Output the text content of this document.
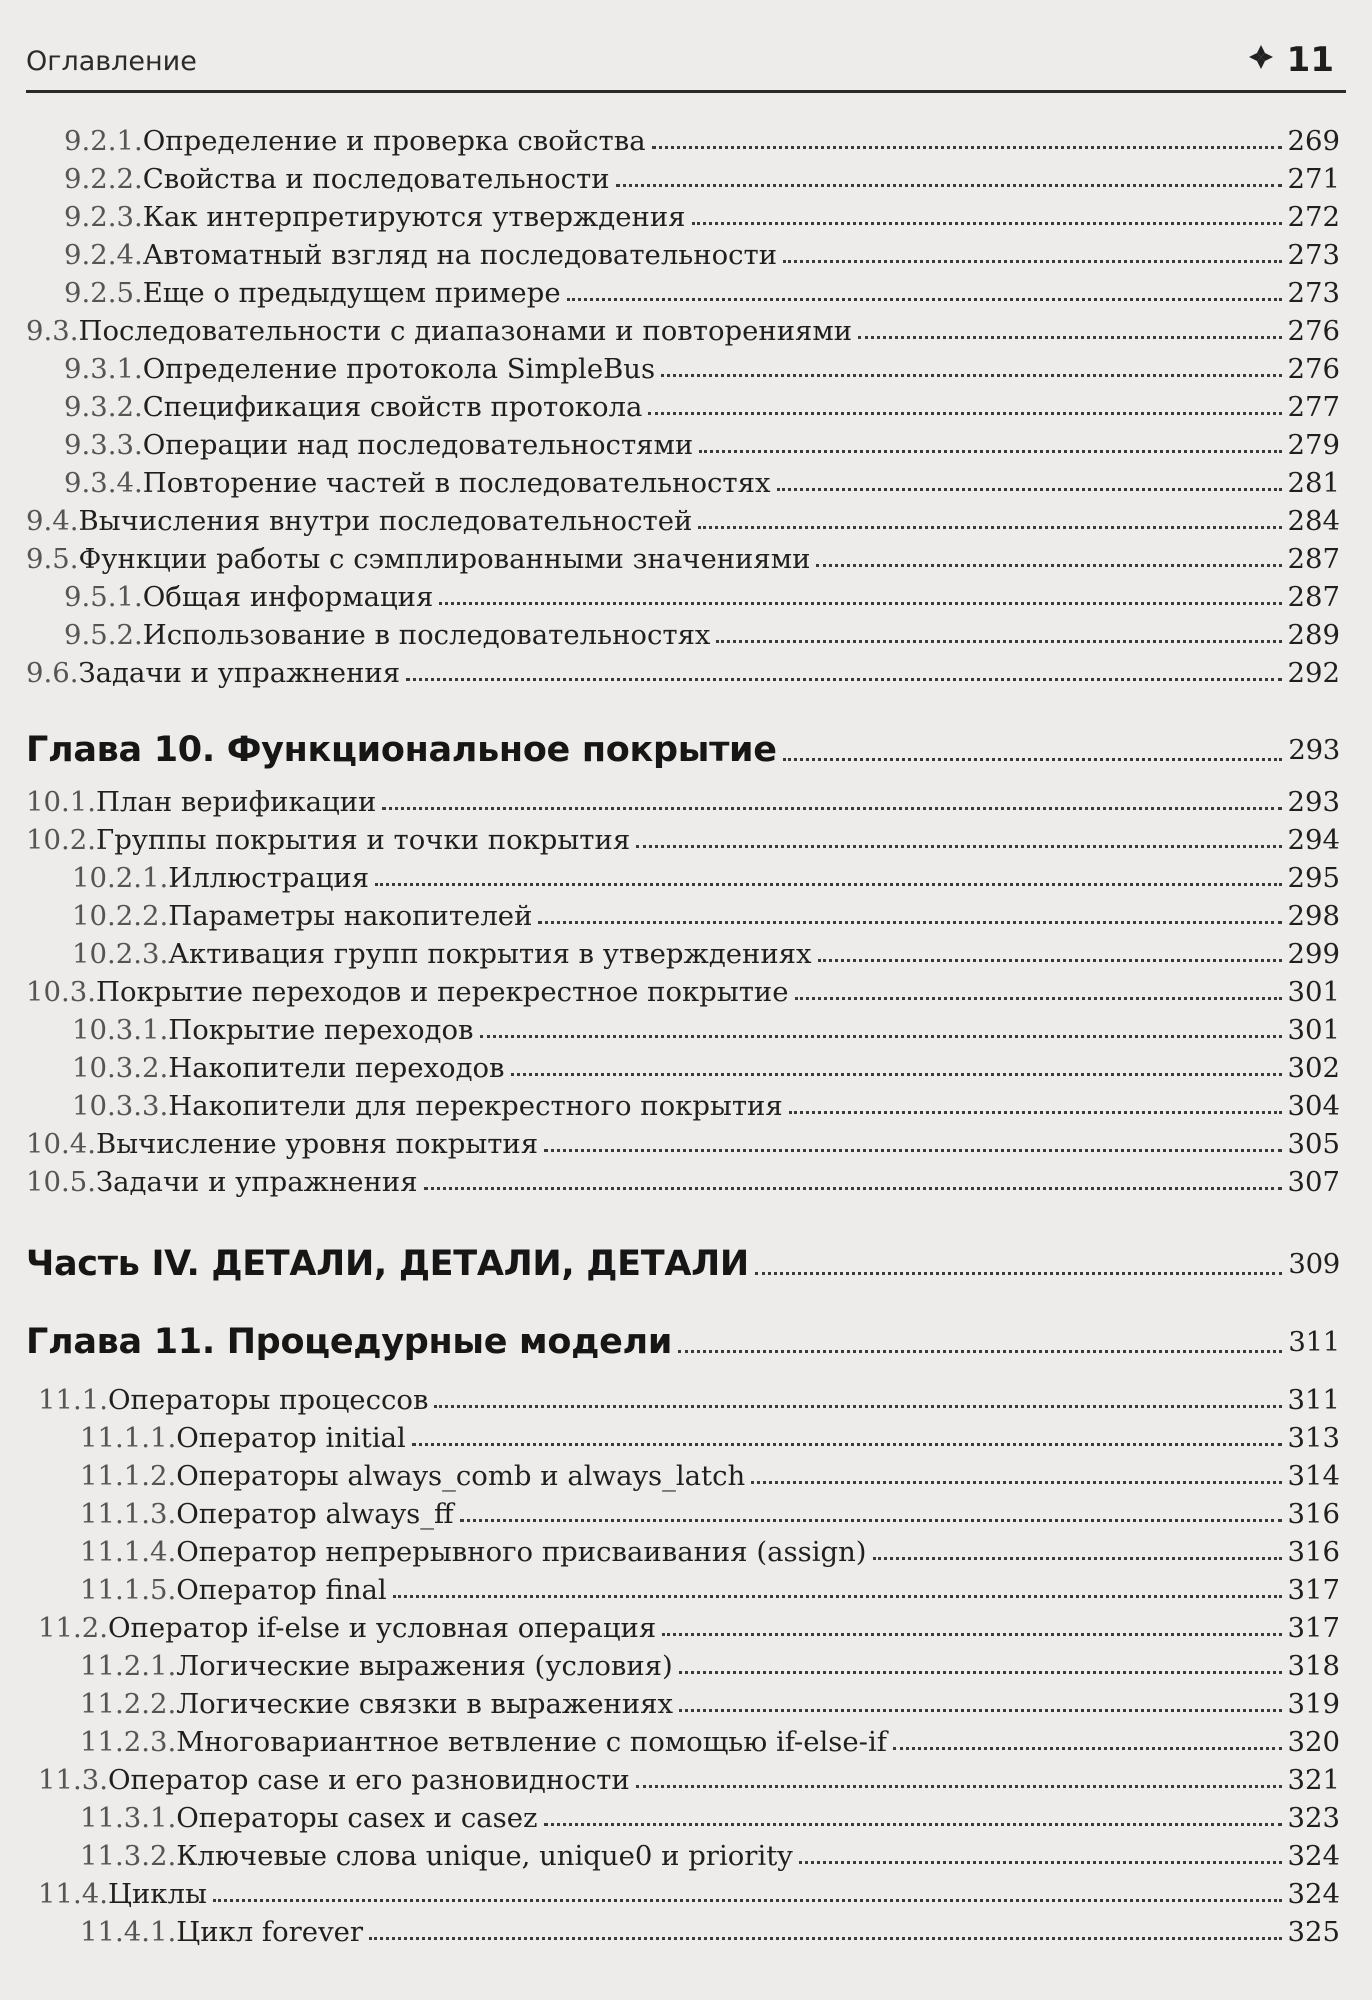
Оглавление	11
9.2.1. Определение и проверка свойства	269
9.2.2. Свойства и последовательности	271
9.2.3. Как интерпретируются утверждения	272
9.2.4. Автоматный взгляд на последовательности	273
9.2.5. Еще о предыдущем примере	273
9.3. Последовательности с диапазонами и повторениями	276
9.3.1. Определение протокола SimpleBus	276
9.3.2. Спецификация свойств протокола	277
9.3.3. Операции над последовательностями	279
9.3.4. Повторение частей в последовательностях	281
9.4. Вычисления внутри последовательностей	284
9.5. Функции работы с сэмплированными значениями	287
9.5.1. Общая информация	287
9.5.2. Использование в последовательностях	289
9.6. Задачи и упражнения	292
Глава 10. Функциональное покрытие	293
10.1. План верификации	293
10.2. Группы покрытия и точки покрытия	294
10.2.1. Иллюстрация	295
10.2.2. Параметры накопителей	298
10.2.3. Активация групп покрытия в утверждениях	299
10.3. Покрытие переходов и перекрестное покрытие	301
10.3.1. Покрытие переходов	301
10.3.2. Накопители переходов	302
10.3.3. Накопители для перекрестного покрытия	304
10.4. Вычисление уровня покрытия	305
10.5. Задачи и упражнения	307
Часть IV. ДЕТАЛИ, ДЕТАЛИ, ДЕТАЛИ	309
Глава 11. Процедурные модели	311
11.1. Операторы процессов	311
11.1.1. Оператор initial	313
11.1.2. Операторы always_comb и always_latch	314
11.1.3. Оператор always_ff	316
11.1.4. Оператор непрерывного присваивания (assign)	316
11.1.5. Оператор final	317
11.2. Оператор if-else и условная операция	317
11.2.1. Логические выражения (условия)	318
11.2.2. Логические связки в выражениях	319
11.2.3. Многовариантное ветвление с помощью if-else-if	320
11.3. Оператор case и его разновидности	321
11.3.1. Операторы casex и casez	323
11.3.2. Ключевые слова unique, unique0 и priority	324
11.4. Циклы	324
11.4.1. Цикл forever	325
